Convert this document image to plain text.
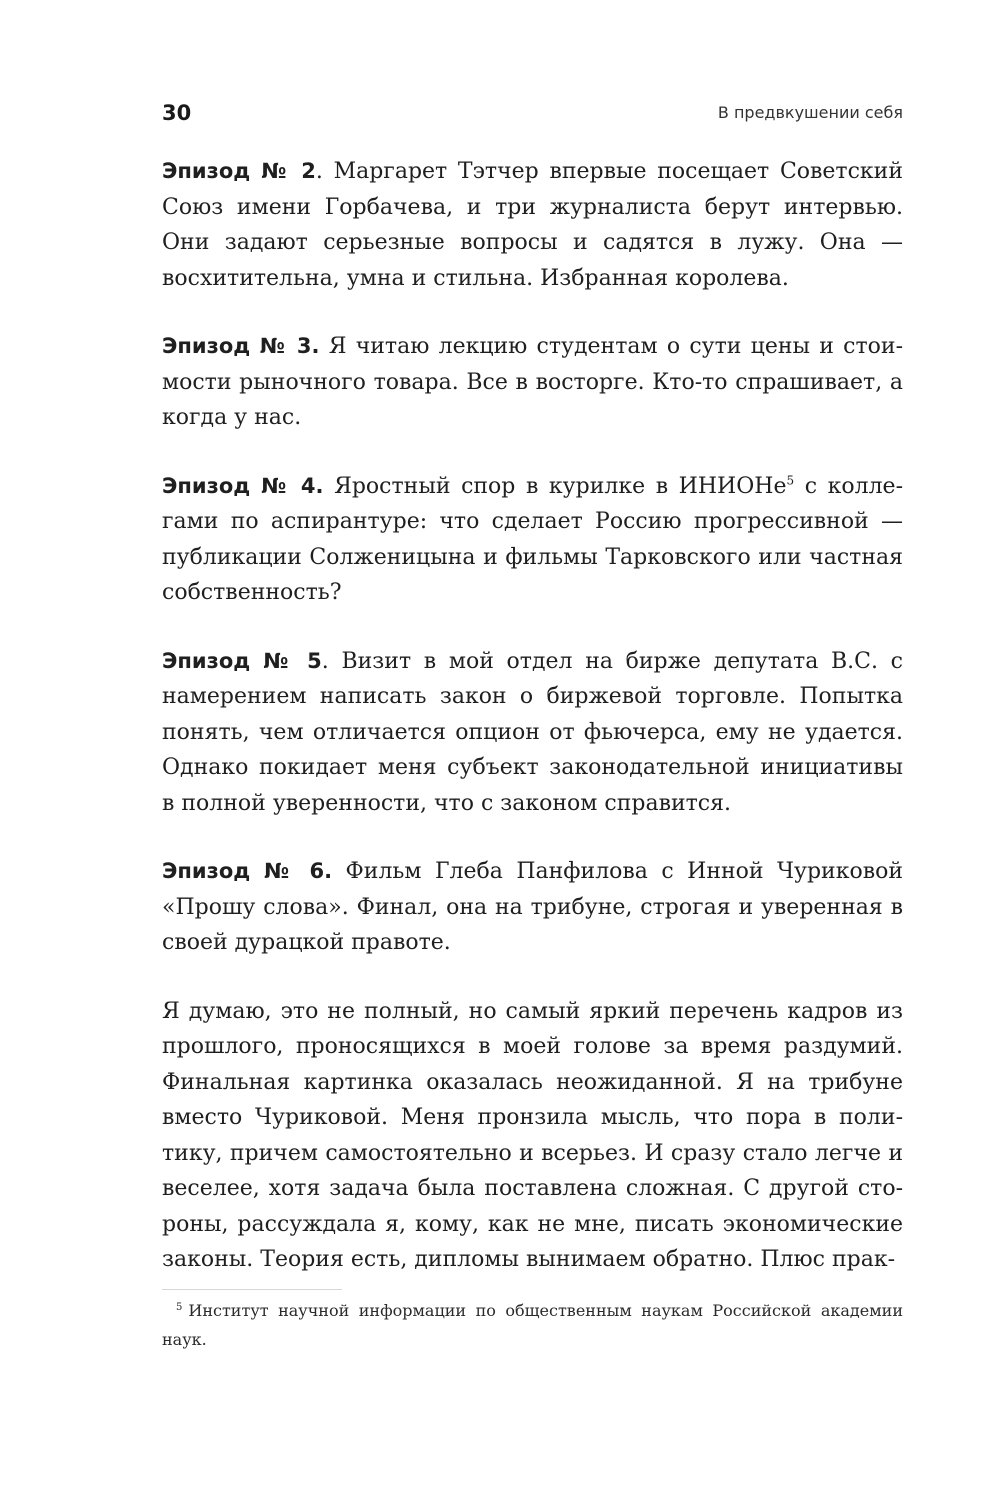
30	В предвкушении себя

Эпизод № 2. Маргарет Тэтчер впервые посещает Советский Союз имени Горбачева, и три журналиста берут интервью. Они задают серьезные вопросы и садятся в лужу. Она — восхитительна, умна и стильна. Избранная королева.

Эпизод № 3. Я читаю лекцию студентам о сути цены и стоимости рыночного товара. Все в восторге. Кто-то спрашивает, а когда у нас.

Эпизод № 4. Яростный спор в курилке в ИНИОНе$^5$ с коллегами по аспирантуре: что сделает Россию прогрессивной — публикации Солженицына и фильмы Тарковского или частная собственность?

Эпизод № 5. Визит в мой отдел на бирже депутата В.С. с намерением написать закон о биржевой торговле. Попытка понять, чем отличается опцион от фьючерса, ему не удается. Однако покидает меня субъект законодательной инициативы в полной уверенности, что с законом справится.

Эпизод № 6. Фильм Глеба Панфилова с Инной Чуриковой «Прошу слова». Финал, она на трибуне, строгая и уверенная в своей дурацкой правоте.

Я думаю, это не полный, но самый яркий перечень кадров из прошлого, проносящихся в моей голове за время раздумий. Финальная картинка оказалась неожиданной. Я на трибуне вместо Чуриковой. Меня пронзила мысль, что пора в политику, причем самостоятельно и всерьез. И сразу стало легче и веселее, хотя задача была поставлена сложная. С другой стороны, рассуждала я, кому, как не мне, писать экономические законы. Теория есть, дипломы вынимаем обратно. Плюс прак-

$^5$ Институт научной информации по общественным наукам Российской академии наук.
